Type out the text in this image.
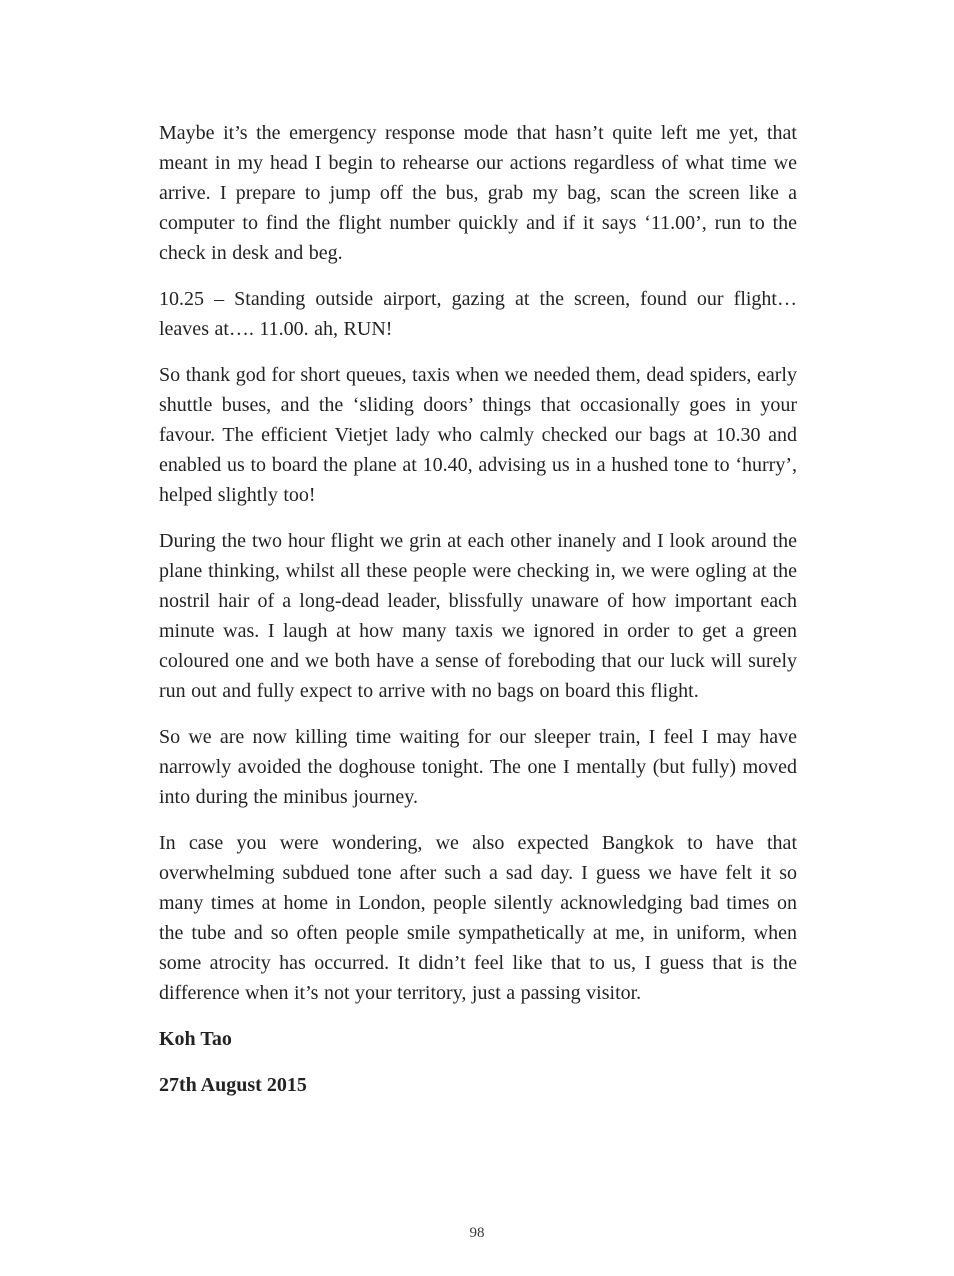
Maybe it’s the emergency response mode that hasn’t quite left me yet, that meant in my head I begin to rehearse our actions regardless of what time we arrive. I prepare to jump off the bus, grab my bag, scan the screen like a computer to find the flight number quickly and if it says ‘11.00’, run to the check in desk and beg.

10.25 – Standing outside airport, gazing at the screen, found our flight… leaves at…. 11.00. ah, RUN!

So thank god for short queues, taxis when we needed them, dead spiders, early shuttle buses, and the ‘sliding doors’ things that occasionally goes in your favour. The efficient Vietjet lady who calmly checked our bags at 10.30 and enabled us to board the plane at 10.40, advising us in a hushed tone to ‘hurry’, helped slightly too!

During the two hour flight we grin at each other inanely and I look around the plane thinking, whilst all these people were checking in, we were ogling at the nostril hair of a long-dead leader, blissfully unaware of how important each minute was. I laugh at how many taxis we ignored in order to get a green coloured one and we both have a sense of foreboding that our luck will surely run out and fully expect to arrive with no bags on board this flight.

So we are now killing time waiting for our sleeper train, I feel I may have narrowly avoided the doghouse tonight. The one I mentally (but fully) moved into during the minibus journey.

In case you were wondering, we also expected Bangkok to have that overwhelming subdued tone after such a sad day. I guess we have felt it so many times at home in London, people silently acknowledging bad times on the tube and so often people smile sympathetically at me, in uniform, when some atrocity has occurred. It didn’t feel like that to us, I guess that is the difference when it’s not your territory, just a passing visitor.

Koh Tao

27th August 2015

98
